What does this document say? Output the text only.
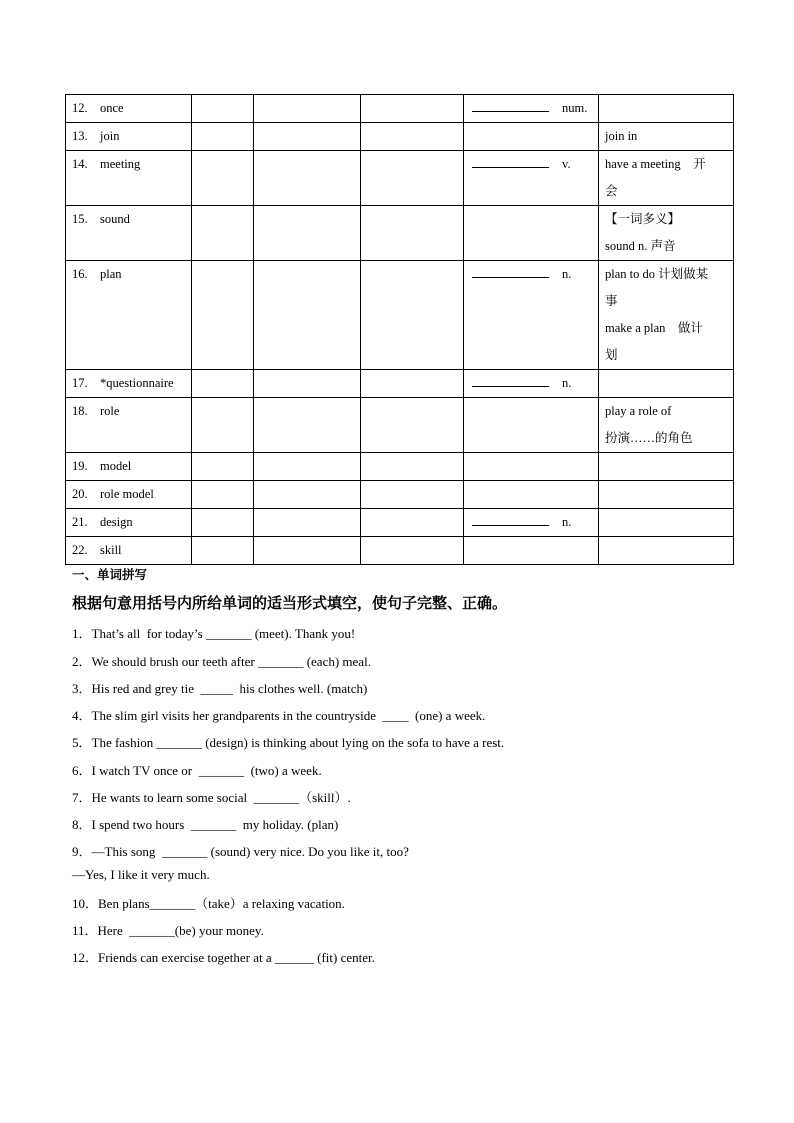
12. once				num.	

13. join					join in

14. meeting				v.	have a meeting　开
会

15. sound					【一词多义】
sound n. 声音

16. plan				n.	plan to do 计划做某
事
make a plan　做计
划

17. *questionnaire				n.	

18. role					play a role of
扮演……的角色

19. model					
20. role model					
21. design				n.	

22. skill					
一、单词拼写
根据句意用括号内所给单词的适当形式填空，使句子完整、正确。
1．That’s all  for today’s _______ (meet). Thank you!
2．We should brush our teeth after _______ (each) meal.
3．His red and grey tie  _____  his clothes well. (match)
4．The slim girl visits her grandparents in the countryside  ____  (one) a week.
5．The fashion _______ (design) is thinking about lying on the sofa to have a rest.
6．I watch TV once or  _______  (two) a week.
7．He wants to learn some social  _______（skill）.
8．I spend two hours  _______  my holiday. (plan)
9．—This song  _______ (sound) very nice. Do you like it, too?
—Yes, I like it very much.
10．Ben plans_______（take）a relaxing vacation.
11．Here  _______(be) your money.
12．Friends can exercise together at a ______ (fit) center.
